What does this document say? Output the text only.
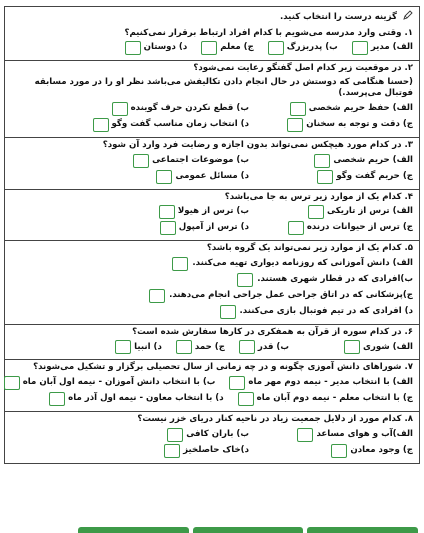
گزینه درست را انتخاب کنید.
۱. وقتی وارد مدرسه می‌شویم با کدام افراد ارتباط برقرار نمی‌کنیم؟
الف) مدیر
ب) پدربزرگ
ج) معلم
د) دوستان
۲. در موقعیت زیر کدام اصل گفتگو رعایت نمی‌شود؟
(حسنا هنگامی که دوستش در حال انجام دادن تکالیفش می‌باشد نظر او را در مورد مسابقه فوتبال می‌پرسد.)
الف) حفظ حریم شخصی
ب) قطع نکردن حرف گوینده
ج) دقت و توجه به سخنان
د) انتخاب زمان مناسب گفت وگو
۳. در کدام مورد هیچکس نمی‌تواند بدون اجازه و رضایت فرد وارد آن شود؟
الف) حریم شخصی
ب) موضوعات اجتماعی
ج) حریم گفت وگو
د) مسائل عمومی
۴. کدام یک از موارد زیر ترس به جا می‌باشد؟
الف) ترس از تاریکی
ب) ترس از هیولا
ج) ترس از حیوانات درنده
د) ترس از آمپول
۵. کدام یک از موارد زیر نمی‌تواند یک گروه باشد؟
الف) دانش آموزانی که روزنامه دیواری تهیه می‌کنند.
ب)افرادی که در قطار شهری هستند.
ج)پزشکانی که در اتاق جراحی عمل جراحی انجام می‌دهند.
د) افرادی که در تیم فوتبال بازی می‌کنند.
۶. در کدام سوره از قرآن به همفکری در کارها سفارش شده است؟
الف) شوری
ب) قدر
ج) حمد
د) انبیا
۷. شوراهای دانش آموزی چگونه و در چه زمانی از سال تحصیلی برگزار و تشکیل می‌شوند؟
الف) با انتخاب مدیر - نیمه دوم مهر ماه
ب) با انتخاب دانش آموزان - نیمه اول آبان ماه
ج) با انتخاب معلم - نیمه دوم آبان ماه
د) با انتخاب معاون - نیمه اول آذر ماه
۸. کدام مورد از دلایل جمعیت زیاد در ناحیه کنار دریای خزر نیست؟
الف)آب و هوای مساعد
ب) باران کافی
ج) وجود معادن
د)خاک حاصلخیز
